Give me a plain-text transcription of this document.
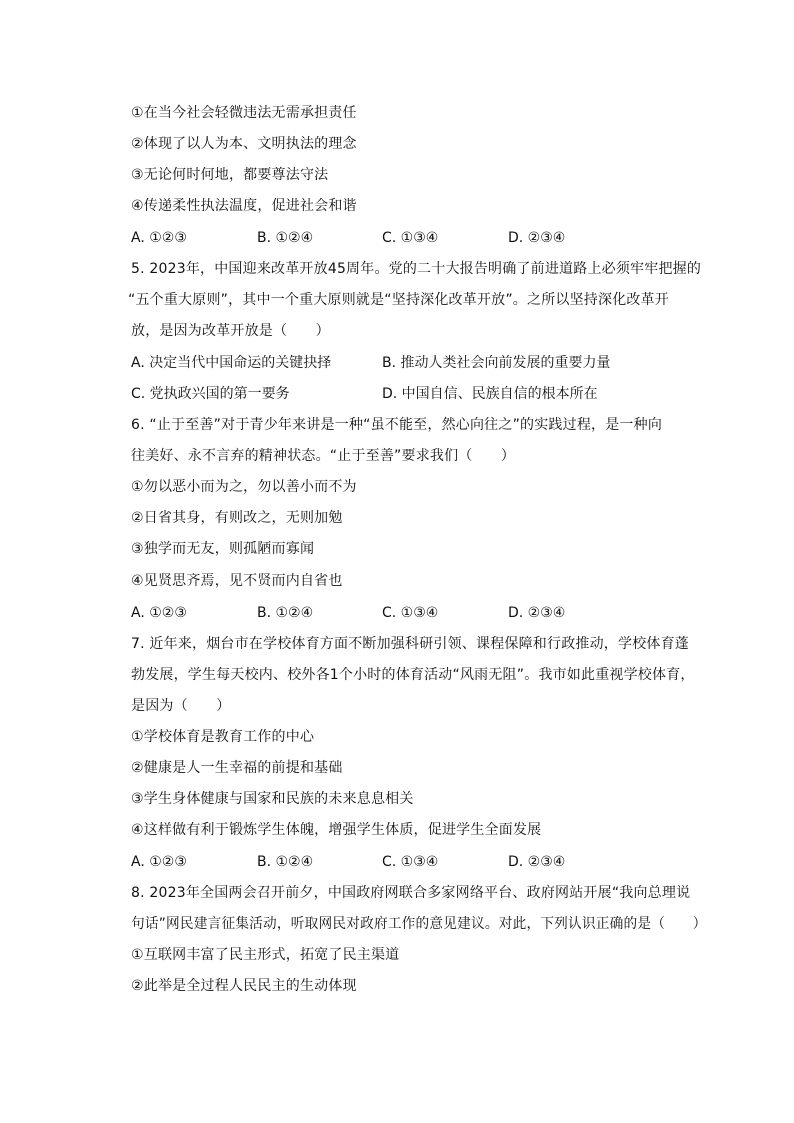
①在当今社会轻微违法无需承担责任
②体现了以人为本、文明执法的理念
③无论何时何地，都要尊法守法
④传递柔性执法温度，促进社会和谐
A. ①②③	B. ①②④	C. ①③④	D. ②③④
5. 2023年，中国迎来改革开放45周年。党的二十大报告明确了前进道路上必须牢牢把握的
“五个重大原则”，其中一个重大原则就是“坚持深化改革开放”。之所以坚持深化改革开
放，是因为改革开放是（　　）
A. 决定当代中国命运的关键抉择	B. 推动人类社会向前发展的重要力量
C. 党执政兴国的第一要务	D. 中国自信、民族自信的根本所在
6. “止于至善”对于青少年来讲是一种“虽不能至，然心向往之”的实践过程，是一种向
往美好、永不言弃的精神状态。“止于至善”要求我们（　　）
①勿以恶小而为之，勿以善小而不为
②日省其身，有则改之，无则加勉
③独学而无友，则孤陋而寡闻
④见贤思齐焉，见不贤而内自省也
A. ①②③	B. ①②④	C. ①③④	D. ②③④
7. 近年来，烟台市在学校体育方面不断加强科研引领、课程保障和行政推动，学校体育蓬
勃发展，学生每天校内、校外各1个小时的体育活动“风雨无阻”。我市如此重视学校体育，
是因为（　　）
①学校体育是教育工作的中心
②健康是人一生幸福的前提和基础
③学生身体健康与国家和民族的未来息息相关
④这样做有利于锻炼学生体魄，增强学生体质，促进学生全面发展
A. ①②③	B. ①②④	C. ①③④	D. ②③④
8. 2023年全国两会召开前夕，中国政府网联合多家网络平台、政府网站开展“我向总理说
句话”网民建言征集活动，听取网民对政府工作的意见建议。对此，下列认识正确的是（　　）
①互联网丰富了民主形式，拓宽了民主渠道
②此举是全过程人民民主的生动体现
